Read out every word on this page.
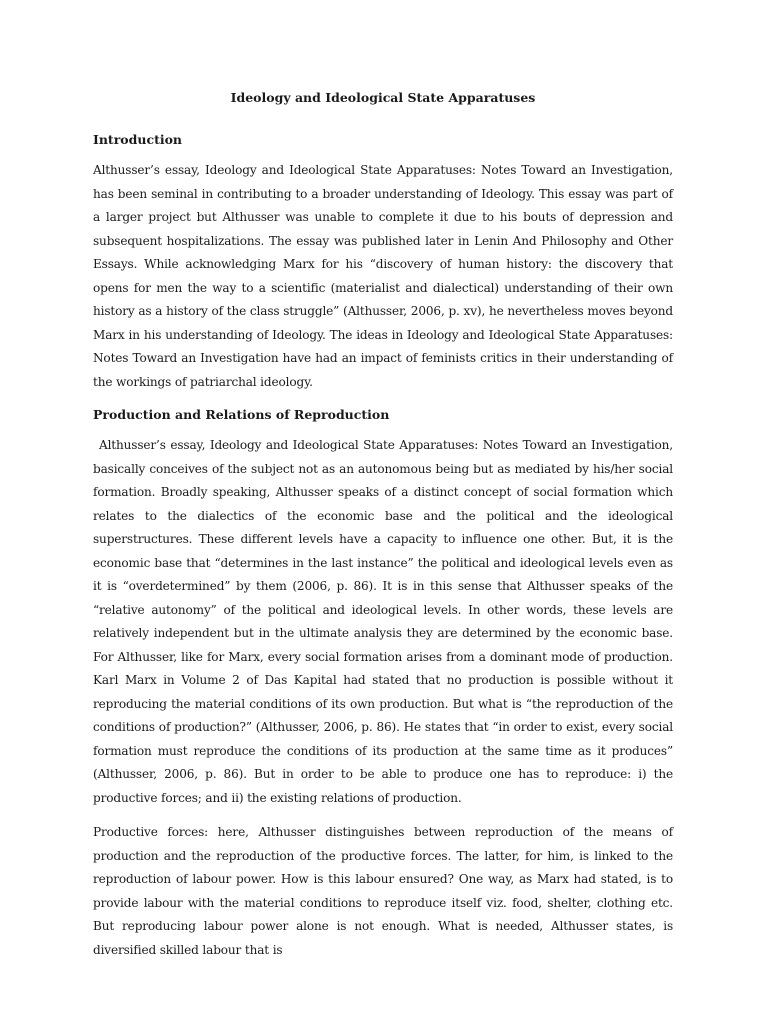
Ideology and Ideological State Apparatuses
Introduction

Althusser’s essay, Ideology and Ideological State Apparatuses: Notes Toward an Investigation, has been seminal in contributing to a broader understanding of Ideology. This essay was part of a larger project but Althusser was unable to complete it due to his bouts of depression and subsequent hospitalizations. The essay was published later in Lenin And Philosophy and Other Essays. While acknowledging Marx for his “discovery of human history: the discovery that opens for men the way to a scientific (materialist and dialectical) understanding of their own history as a history of the class struggle” (Althusser, 2006, p. xv), he nevertheless moves beyond Marx in his understanding of Ideology. The ideas in Ideology and Ideological State Apparatuses: Notes Toward an Investigation have had an impact of feminists critics in their understanding of the workings of patriarchal ideology.

Production and Relations of Reproduction

Althusser’s essay, Ideology and Ideological State Apparatuses: Notes Toward an Investigation, basically conceives of the subject not as an autonomous being but as mediated by his/her social formation. Broadly speaking, Althusser speaks of a distinct concept of social formation which relates to the dialectics of the economic base and the political and the ideological superstructures. These different levels have a capacity to influence one other. But, it is the economic base that “determines in the last instance” the political and ideological levels even as it is “overdetermined” by them (2006, p. 86). It is in this sense that Althusser speaks of the “relative autonomy” of the political and ideological levels. In other words, these levels are relatively independent but in the ultimate analysis they are determined by the economic base. For Althusser, like for Marx, every social formation arises from a dominant mode of production. Karl Marx in Volume 2 of Das Kapital had stated that no production is possible without it reproducing the material conditions of its own production. But what is “the reproduction of the conditions of production?” (Althusser, 2006, p. 86). He states that “in order to exist, every social formation must reproduce the conditions of its production at the same time as it produces” (Althusser, 2006, p. 86). But in order to be able to produce one has to reproduce: i) the productive forces; and ii) the existing relations of production.

Productive forces: here, Althusser distinguishes between reproduction of the means of production and the reproduction of the productive forces. The latter, for him, is linked to the reproduction of labour power. How is this labour ensured? One way, as Marx had stated, is to provide labour with the material conditions to reproduce itself viz. food, shelter, clothing etc. But reproducing labour power alone is not enough. What is needed, Althusser states, is diversified skilled labour that is
